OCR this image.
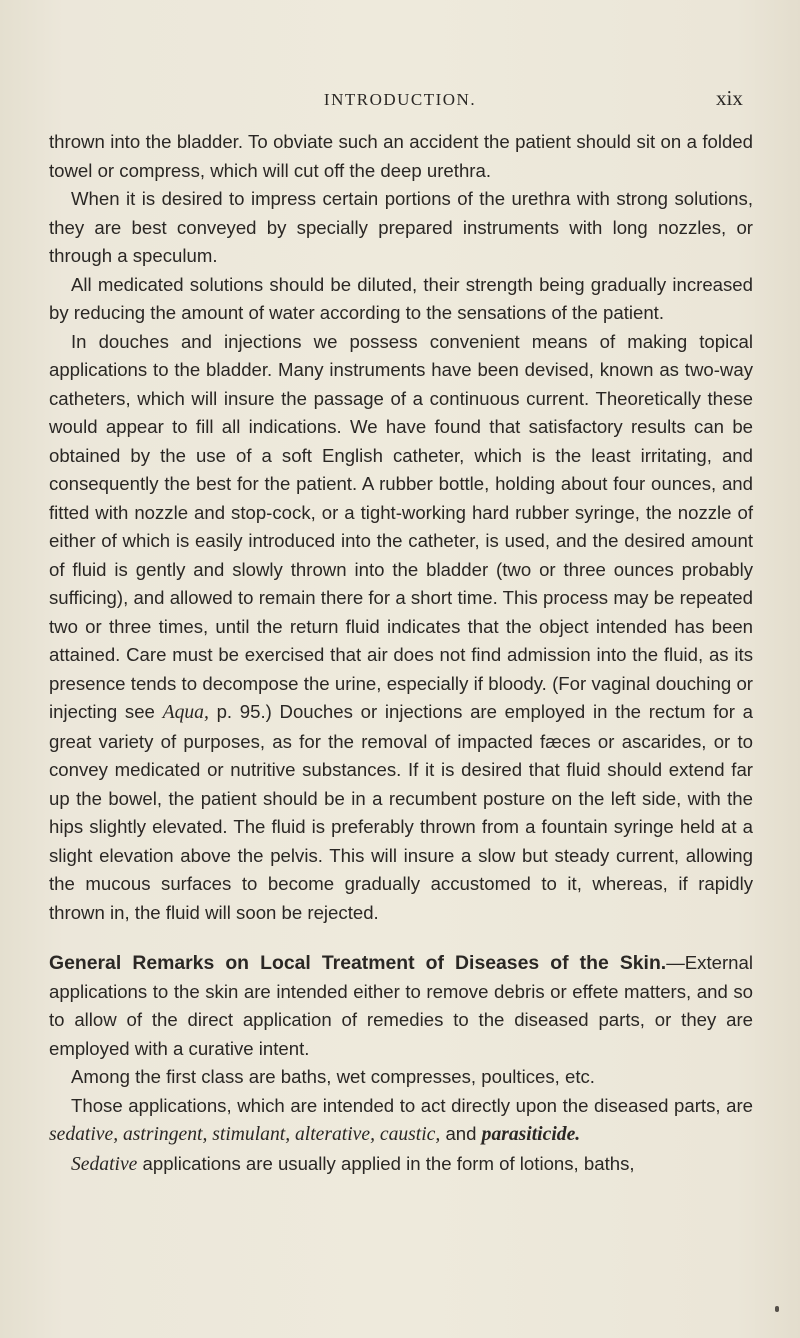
INTRODUCTION.	xix

thrown into the bladder. To obviate such an accident the patient should sit on a folded towel or compress, which will cut off the deep urethra.

When it is desired to impress certain portions of the urethra with strong solutions, they are best conveyed by specially prepared instruments with long nozzles, or through a speculum.

All medicated solutions should be diluted, their strength being gradually increased by reducing the amount of water according to the sensations of the patient.

In douches and injections we possess convenient means of making topical applications to the bladder. Many instruments have been devised, known as two-way catheters, which will insure the passage of a continuous current. Theoretically these would appear to fill all indications. We have found that satisfactory results can be obtained by the use of a soft English catheter, which is the least irritating, and consequently the best for the patient. A rubber bottle, holding about four ounces, and fitted with nozzle and stop-cock, or a tight-working hard rubber syringe, the nozzle of either of which is easily introduced into the catheter, is used, and the desired amount of fluid is gently and slowly thrown into the bladder (two or three ounces probably sufficing), and allowed to remain there for a short time. This process may be repeated two or three times, until the return fluid indicates that the object intended has been attained. Care must be exercised that air does not find admission into the fluid, as its presence tends to decompose the urine, especially if bloody. (For vaginal douching or injecting see Aqua, p. 95.) Douches or injections are employed in the rectum for a great variety of purposes, as for the removal of impacted fæces or ascarides, or to convey medicated or nutritive substances. If it is desired that fluid should extend far up the bowel, the patient should be in a recumbent posture on the left side, with the hips slightly elevated. The fluid is preferably thrown from a fountain syringe held at a slight elevation above the pelvis. This will insure a slow but steady current, allowing the mucous surfaces to become gradually accustomed to it, whereas, if rapidly thrown in, the fluid will soon be rejected.

General Remarks on Local Treatment of Diseases of the Skin.—External applications to the skin are intended either to remove debris or effete matters, and so to allow of the direct application of remedies to the diseased parts, or they are employed with a curative intent.

Among the first class are baths, wet compresses, poultices, etc.

Those applications, which are intended to act directly upon the diseased parts, are sedative, astringent, stimulant, alterative, caustic, and parasiticide.

Sedative applications are usually applied in the form of lotions, baths,
